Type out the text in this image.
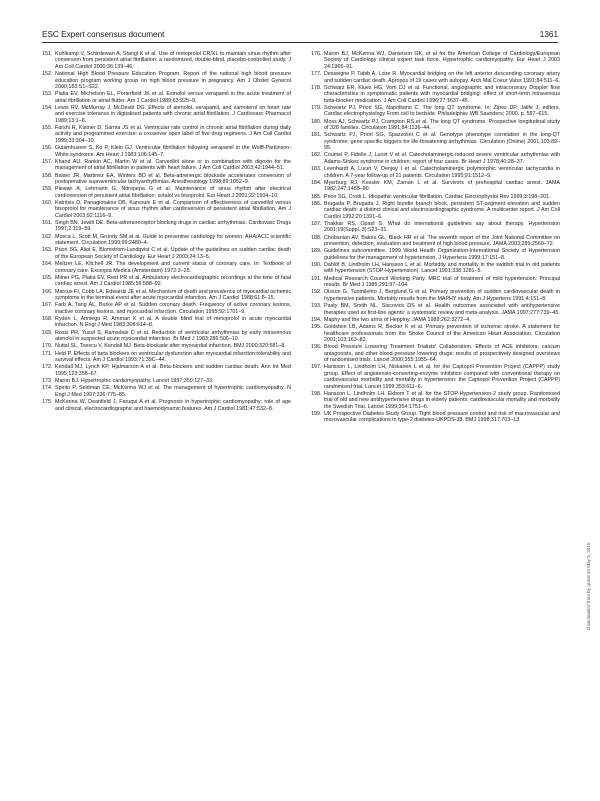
ESC Expert consensus document	1361
151. Kuhlkamp V, Schirdewan A, Stangl K et al. Use of metoprolol CR/XL to maintain sinus rhythm after conversion from persistent atrial fibrillation: a randomized, double-blind, placebo-controlled study. J Am Coll Cardiol 2000;36:139–46.
152. National High Blood Pressure Education Program. Report of the national high blood pressure education program working group on high blood pressure in pregnancy. Am J Obstet Gynecol 2000;183:S1–S22.
153. Platia EV, Michelson EL, Porterfield JK et al. Esmolol versus verapamil in the acute treatment of atrial fibrillation or atrial flutter. Am J Cardiol 1989;63:925–9.
154. Lewis RV, McMurray J, McDevitt DG. Effects of atenolol, verapamil, and xamoterol on heart rate and exercise tolerance in digitalised patients with chronic atrial fibrillation. J Cardiovasc Pharmacol 1989;13:1–6.
155. Farshi R, Kistner D, Sarma JS et al. Ventricular rate control in chronic atrial fibrillation during daily activity and programmed exercise: a crossover open label of five drug regimens. J Am Coll Cardiol 1999;33:304–10.
156. Gulamhusein S, Ko P, Klein GJ. Ventricular fibrillation following verapamil in the Wolff-Parkinson-White syndrome. Am Heart J 1983;106:145–7.
157. Khand AU, Rankin AC, Martin W et al. Carvedilol alone or in combination with digoxin for the management of atrial fibrillation in patients with heart failure. J Am Coll Cardiol 2003;42:1944–51.
158. Balser JR, Martinez EA, Winters BD et al. Beta-adrenergic blockade accelerates conversion of postoperative supraventricular tachyarrhythmias. Anesthesiology 1998;89:1052–9.
159. Plewan A, Lehmann G, Ndrepepa G et al. Maintenance of sinus rhythm after electrical cardioversion of persistent atrial fibrillation; sotalol vs bisoprolol. Eur Heart J 2001;22:1504–10.
160. Katritsis D, Panagiotakos DB, Karvouni E et al. Comparison of effectiveness of carvedilol versus bisoprolol for maintenance of sinus rhythm after cardioversion of persistent atrial fibrillation. Am J Cardiol 2003;92:1116–9.
161. Singh BN, Jewitt DE. Beta-adrenoreceptor blocking drugs in cardiac arrhythmias. Cardiovasc Drugs 1997;2:119–59.
162. Mosca L, Scott M, Grundy SM et al. Guide to preventive cardiology for women. AHA/ACC scientific statement. Circulation 1999;99:2480–4.
163. Priori SG, Aliot E, Blomstrom-Lundqvist C et al. Update of the guidelines on sudden cardiac death of the European Society of Cardiology. Eur Heart J 2003;24:13–5.
164. Meltzer LE, Kitchell JR. The development and current status of coronary care. In: Textbook of coronary care. Excerpta Medica (Amsterdam) 1972:3–25.
165. Milner PG, Platia EV, Reid PR et al. Ambulatory electrocardiographic recordings at the time of fatal cardiac arrest. Am J Cardiol 1985;56:588–92.
166. Marcus FI, Cobb LA, Edwards JE et al. Mechanism of death and prevalence of myocardial ischemic symptoms in the terminal event after acute myocardial infarction. Am J Cardiol 1988;61:8–15.
167. Farb A, Tang AL, Burke AP et al. Sudden coronary death. Frequency of active coronary lesions, inactive coronary lesions, and myocardial infarction. Circulation 1995;92:1701–9.
168. Rydén L, Ariniego R, Arnman K et al. A double blind trial of metoprolol in acute myocardial infarction. N Engl J Med 1983;308:614–8.
169. Rossi PR, Yusuf S, Ramsdale D et al. Reduction of ventricular arrhythmias by early intravenous atenolol in suspected acute myocardial infarction. Br Med J 1983;286:506–10.
170. Nuttal SL, Toescu V, Kendall MJ. Beta-blockade after myocardial infarction. BMJ 2000;320:581–8.
171. Held P. Effects of beta blockers on ventricular dysfunction after myocardial infarction:tolerability and survival effects. Am J Cardiol 1993;71:39C–44.
172. Kendall MJ, Lynch KP, Hjalmarson A et al. Beta-blockers and sudden cardiac death. Ann Int Med 1995;123:358–67.
173. Maron BJ. Hypertrophic cardiomyopathy. Lancet 1997;350:127–33.
174. Spirito P, Seidman CE, McKenna WJ et al. The management of hypertrophic cardiomyopathy. N Engl J Med 1997;336:775–85.
175. McKenna W, Deanfield J, Faruqui A et al. Prognosis in hypertrophic cardiomyopathy: role of age and clinical, electrocardiographic and haemodynamic features. Am J Cardiol 1981;47:532–8.
176. Maron BJ, McKenna WJ, Danielson GK, et al for the American College of Cardiology/European Society of Cardiology clinical expert task force. Hypertrophic cardiomyopathy. Eur Heart J 2003 24:1965–91.
177. Desseigne P, Tabib A, Loire R. Myocardial bridging on the left anterior descending coronary artery and sudden cardiac death. Apropos of 19 cases with autopsy. Arch Mal Coeur Vaiss 1991;84:511–6.
178. Schwarz ER, Klues HG, Vom DJ et al. Functional, angiographic and intracoronary Doppler flow characteristics in symptomatic patients with myocardial bridging: effect of short-term intravenous beta-blocker medication. J Am Coll Cardiol 1996;27:1637–45.
179. Schwartz PJ, Priori SG, Napolitano C. The long QT syndrome. In: Zipes DP, Jalife J, editors. Cardiac electrophysiology From cell to bedside. Philadelphia: WB Saunders; 2000. p. 597–615.
180. Moss AJ, Schwartz PJ, Crampton RS et al. The long QT syndrome. Prospective longitudinal study of 328 families. Circulation 1991;84:1136–44.
181. Schwartz PJ, Priori SG, Spazzolini C et al. Genotype phenotype correlation in the long-QT syndrome: gene specific triggers for life-threatening arrhythmias. Circulation (Online) 2001;103:89–95.
182. Coumel P, Fidelle J, Lucet V et al. Catecholaminergic-induced severe ventricular arrhythmias with Adams-Stokes syndrome in children: report of four cases. Br Heart J 1978;40:28–37.
183. Leenhardt A, Lucet V, Denjoy I et al. Catecholaminergic polymorphic ventricular tachycardia in children. A 7-year follow-up of 21 patients. Circulation 1995;91:1512–9.
184. Myerburg RJ, Kessler KM, Zaman L et al. Survivors of prehospital cardiac arrest. JAMA 1982;247:1485–90.
185. Priori SG, Crotti L. Idiopathic ventricular fibrillation. Cardiac Electrophysiol Rev 1999;3:198–201.
186. Brugada P, Brugada J. Right bundle branch block, persistent ST-segment elevation and sudden cardiac death: a distinct clinical and electrocardiographic syndrome. A multicenter report. J Am Coll Cardiol 1992;20:1391–6.
187. Thakkar RS, Oparil S. What do international guidelines say about therapy. Hypertension 2001;19(Suppl. 3):S23–31.
188. Chobanian AV, Bakris GL, Black HR et al. The seventh report of the Joint National Committee on prevention, detection, evaluation and treatment of high blood pressure. JAMA 2003;289:2560–72.
189. Guidelines subcommittee. 1999 World Health Organization-International Society of Hypertension guidelines for the management of hypertension. J Hypertens 1999;17:151–8.
190. Dahlöf B, Lindholm LH, Hansson L et al. Morbidity and mortality in the swidish trial in old patients with hypertension (STOP-Hypertension). Lancet 1991;338:1281–5.
191. Medical Research Council Working Party. MRC trial of treatment of mild hypertension: Principal results. Br Med J 1985;291:97–104.
192. Olsson G, Tuomilehto J, Berglund G et al. Primary prevention of sudden cardiovascular death in hypertensive patients. Mortality results from the MAPHY study. Am J Hypertens 1991;4:151–8.
193. Psaty BM, Smith NL, Siscovick DS et al. Health outcomes associated with antihypertensive therapies used as first-line agents: a systematic review and meta-analysis. JAMA 1997;277:739–45.
194. Maphy and the two arms of Heppiny. JAMA 1989;262:3272–4.
195. Goldstein LB, Adams R, Becker K et al. Primary prevention of ischemic stroke. A statement for healthcare professionals from the Stroke Council of the American Heart Association. Circulation 2001;103:163–82.
196. Blood Pressure Lowering Treatment Trialists' Collaboration. Effects of ACE inhibitors, calcium antagonists, and other blood pressure lowering drugs: results of prospectively designed overviews of randomised trials. Lancet 2000;355:1955–64.
197. Hansson L, Lindholm LH, Niskanen L et al. for the Captopril Prevention Project (CAPPP) study group. Effect of angiotensin-converting-enzyme inhibition compared with conventional therapy on cardiovascular morbidity and mortality in hypertension: the Captopril Prevention Project (CAPPP) randomised trial. Lancet 1999;353:611–6.
198. Hansson L, Lindholm LH, Ekbom T et al. for the STOP-Hypertension-2 study group. Randomised trial of old and new antihypertensive drugs in elderly patients: cardiovascular mortality and morbidity the Swedish Trial. Lancet 1999;354:1751–6.
199. UK Prospective Diabetes Study Group. Tight blood pressure control and risk of macrovascular and microvascular complications in type-2 diabetes-UKPDS-38. BMJ 1998;317:703–13.
Downloaded from by guest on May 5, 2015
